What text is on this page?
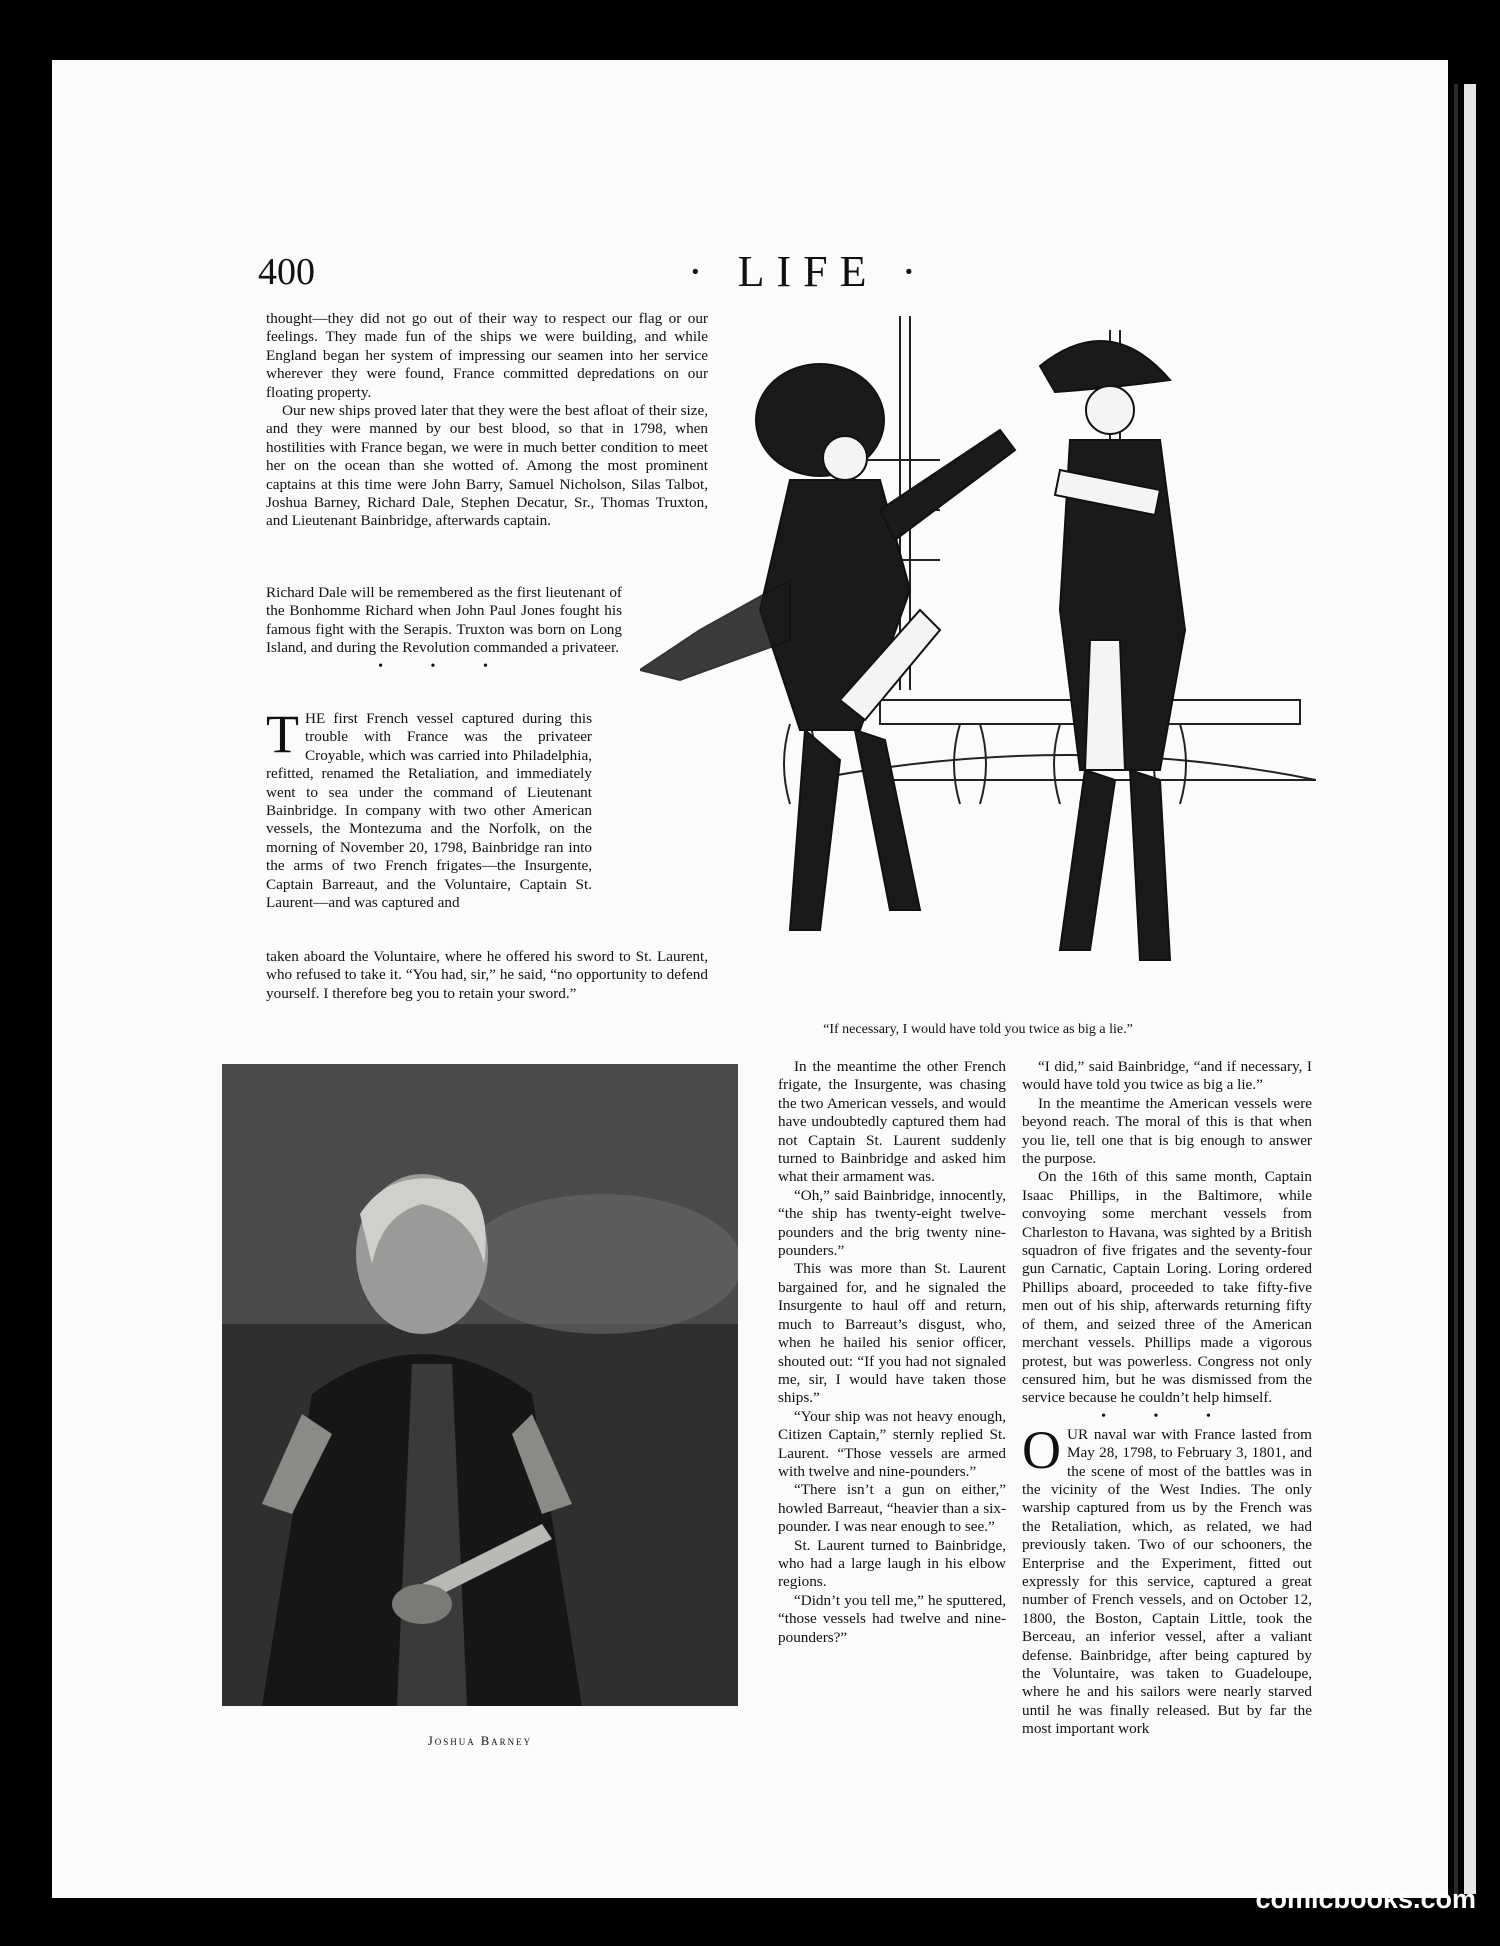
400	· LIFE ·

thought—they did not go out of their way to respect our flag or our feelings. They made fun of the ships we were building, and while England began her system of impressing our seamen into her service wherever they were found, France committed depredations on our floating property.

Our new ships proved later that they were the best afloat of their size, and they were manned by our best blood, so that in 1798, when hostilities with France began, we were in much better condition to meet her on the ocean than she wotted of. Among the most prominent captains at this time were John Barry, Samuel Nicholson, Silas Talbot, Joshua Barney, Richard Dale, Stephen Decatur, Sr., Thomas Truxton, and Lieutenant Bainbridge, afterwards captain.

Richard Dale will be remembered as the first lieutenant of the Bonhomme Richard when John Paul Jones fought his famous fight with the Serapis. Truxton was born on Long Island, and during the Revolution commanded a privateer.

• • •

THE first French vessel captured during this trouble with France was the privateer Croyable, which was carried into Philadelphia, refitted, renamed the Retaliation, and immediately went to sea under the command of Lieutenant Bainbridge. In company with two other American vessels, the Montezuma and the Norfolk, on the morning of November 20, 1798, Bainbridge ran into the arms of two French frigates—the Insurgente, Captain Barreaut, and the Voluntaire, Captain St. Laurent—and was captured and

taken aboard the Voluntaire, where he offered his sword to St. Laurent, who refused to take it. “You had, sir,” he said, “no opportunity to defend yourself. I therefore beg you to retain your sword.”

“If necessary, I would have told you twice as big a lie.”
Joshua Barney

In the meantime the other French frigate, the Insurgente, was chasing the two American vessels, and would have undoubtedly captured them had not Captain St. Laurent suddenly turned to Bainbridge and asked him what their armament was.

“Oh,” said Bainbridge, innocently, “the ship has twenty-eight twelve-pounders and the brig twenty nine-pounders.”

This was more than St. Laurent bargained for, and he signaled the Insurgente to haul off and return, much to Barreaut’s disgust, who, when he hailed his senior officer, shouted out: “If you had not signaled me, sir, I would have taken those ships.”

“Your ship was not heavy enough, Citizen Captain,” sternly replied St. Laurent. “Those vessels are armed with twelve and nine-pounders.”

“There isn’t a gun on either,” howled Barreaut, “heavier than a six-pounder. I was near enough to see.”

St. Laurent turned to Bainbridge, who had a large laugh in his elbow regions.

“Didn’t you tell me,” he sputtered, “those vessels had twelve and nine-pounders?”

“I did,” said Bainbridge, “and if necessary, I would have told you twice as big a lie.”

In the meantime the American vessels were beyond reach. The moral of this is that when you lie, tell one that is big enough to answer the purpose.

On the 16th of this same month, Captain Isaac Phillips, in the Baltimore, while convoying some merchant vessels from Charleston to Havana, was sighted by a British squadron of five frigates and the seventy-four gun Carnatic, Captain Loring. Loring ordered Phillips aboard, proceeded to take fifty-five men out of his ship, afterwards returning fifty of them, and seized three of the American merchant vessels. Phillips made a vigorous protest, but was powerless. Congress not only censured him, but he was dismissed from the service because he couldn’t help himself.

• • •

OUR naval war with France lasted from May 28, 1798, to February 3, 1801, and the scene of most of the battles was in the vicinity of the West Indies. The only warship captured from us by the French was the Retaliation, which, as related, we had previously taken. Two of our schooners, the Enterprise and the Experiment, fitted out expressly for this service, captured a great number of French vessels, and on October 12, 1800, the Boston, Captain Little, took the Berceau, an inferior vessel, after a valiant defense. Bainbridge, after being captured by the Voluntaire, was taken to Guadeloupe, where he and his sailors were nearly starved until he was finally released. But by far the most important work

comicbooks.com
